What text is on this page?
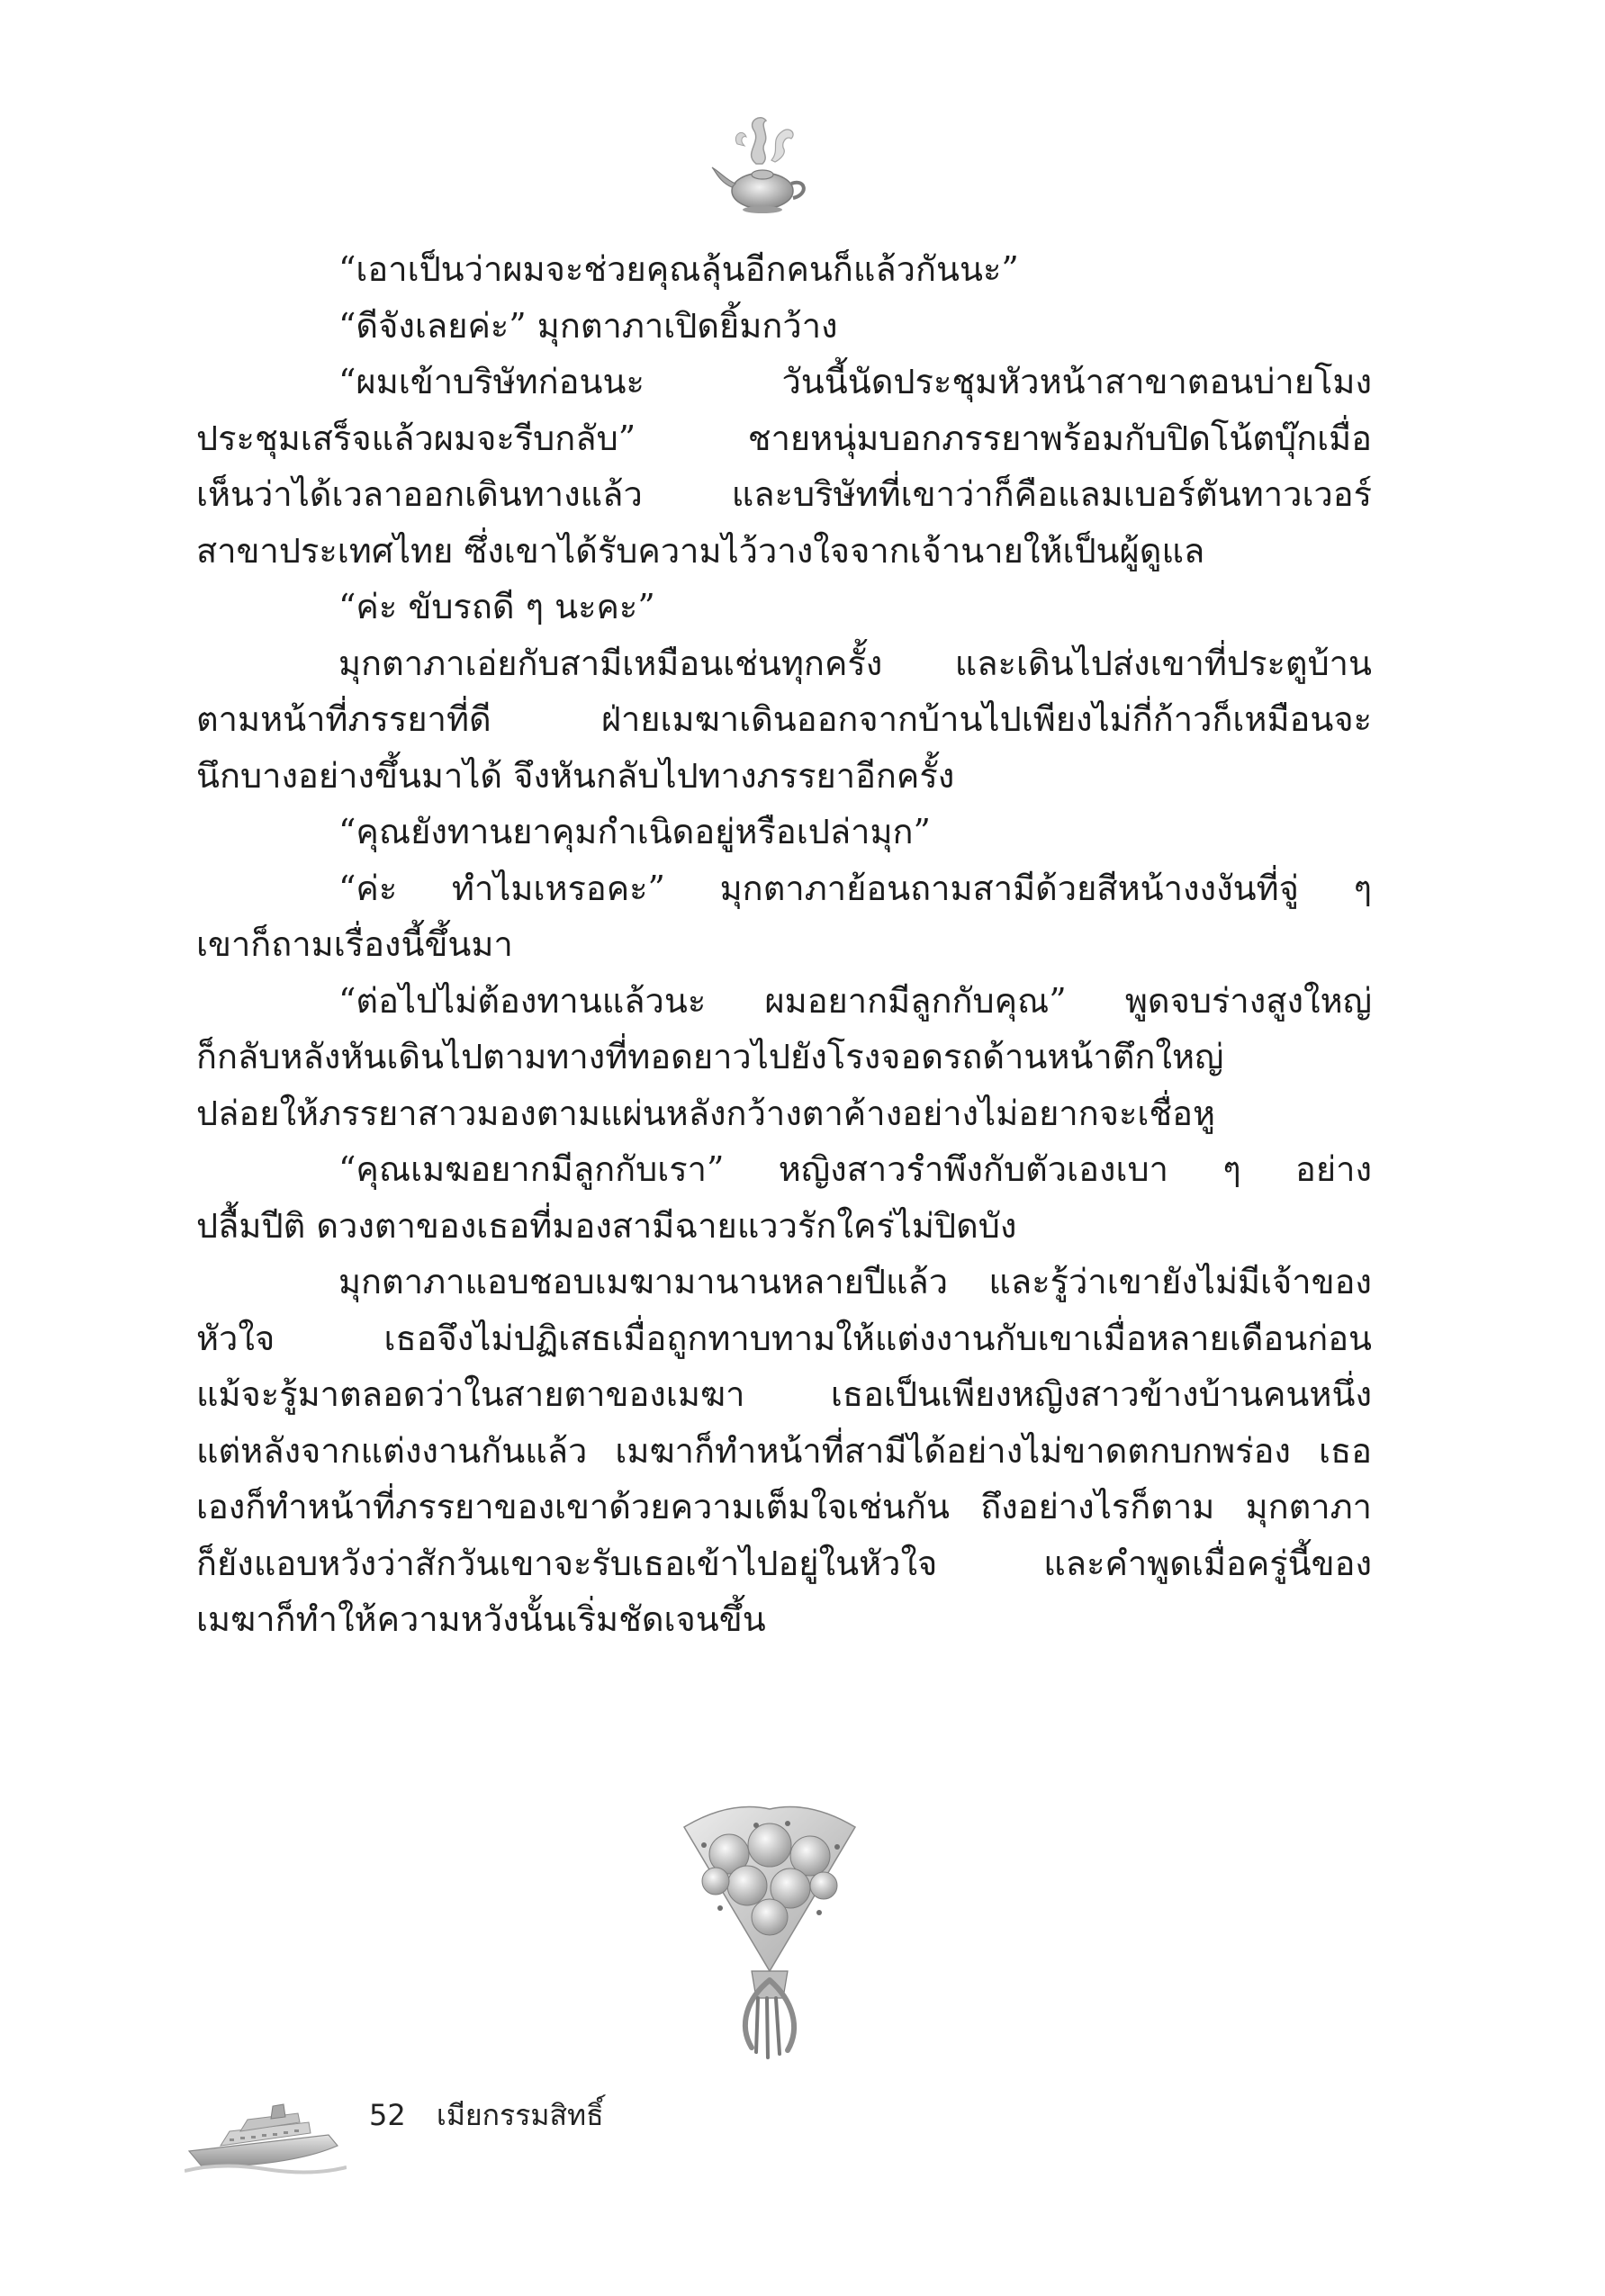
“เอาเป็นว่าผมจะช่วยคุณลุ้นอีกคนก็แล้วกันนะ”
“ดีจังเลยค่ะ” มุกตาภาเปิดยิ้มกว้าง
“ผมเข้าบริษัทก่อนนะ วันนี้นัดประชุมหัวหน้าสาขาตอนบ่ายโมง
ประชุมเสร็จแล้วผมจะรีบกลับ” ชายหนุ่มบอกภรรยาพร้อมกับปิดโน้ตบุ๊กเมื่อ
เห็นว่าได้เวลาออกเดินทางแล้ว และบริษัทที่เขาว่าก็คือแลมเบอร์ตันทาวเวอร์
สาขาประเทศไทย ซึ่งเขาได้รับความไว้วางใจจากเจ้านายให้เป็นผู้ดูแล
“ค่ะ ขับรถดี ๆ นะคะ”
มุกตาภาเอ่ยกับสามีเหมือนเช่นทุกครั้ง และเดินไปส่งเขาที่ประตูบ้าน
ตามหน้าที่ภรรยาที่ดี ฝ่ายเมฆาเดินออกจากบ้านไปเพียงไม่กี่ก้าวก็เหมือนจะ
นึกบางอย่างขึ้นมาได้ จึงหันกลับไปทางภรรยาอีกครั้ง
“คุณยังทานยาคุมกำเนิดอยู่หรือเปล่ามุก”
“ค่ะ ทำไมเหรอคะ” มุกตาภาย้อนถามสามีด้วยสีหน้างงงันที่จู่ ๆ
เขาก็ถามเรื่องนี้ขึ้นมา
“ต่อไปไม่ต้องทานแล้วนะ ผมอยากมีลูกกับคุณ” พูดจบร่างสูงใหญ่
ก็กลับหลังหันเดินไปตามทางที่ทอดยาวไปยังโรงจอดรถด้านหน้าตึกใหญ่
ปล่อยให้ภรรยาสาวมองตามแผ่นหลังกว้างตาค้างอย่างไม่อยากจะเชื่อหู
“คุณเมฆอยากมีลูกกับเรา” หญิงสาวรำพึงกับตัวเองเบา ๆ อย่าง
ปลื้มปีติ ดวงตาของเธอที่มองสามีฉายแววรักใคร่ไม่ปิดบัง
มุกตาภาแอบชอบเมฆามานานหลายปีแล้ว และรู้ว่าเขายังไม่มีเจ้าของ
หัวใจ เธอจึงไม่ปฏิเสธเมื่อถูกทาบทามให้แต่งงานกับเขาเมื่อหลายเดือนก่อน
แม้จะรู้มาตลอดว่าในสายตาของเมฆา เธอเป็นเพียงหญิงสาวข้างบ้านคนหนึ่ง
แต่หลังจากแต่งงานกันแล้ว เมฆาก็ทำหน้าที่สามีได้อย่างไม่ขาดตกบกพร่อง เธอ
เองก็ทำหน้าที่ภรรยาของเขาด้วยความเต็มใจเช่นกัน ถึงอย่างไรก็ตาม มุกตาภา
ก็ยังแอบหวังว่าสักวันเขาจะรับเธอเข้าไปอยู่ในหัวใจ และคำพูดเมื่อครู่นี้ของ
เมฆาก็ทำให้ความหวังนั้นเริ่มชัดเจนขึ้น
52 เมียกรรมสิทธิ์
